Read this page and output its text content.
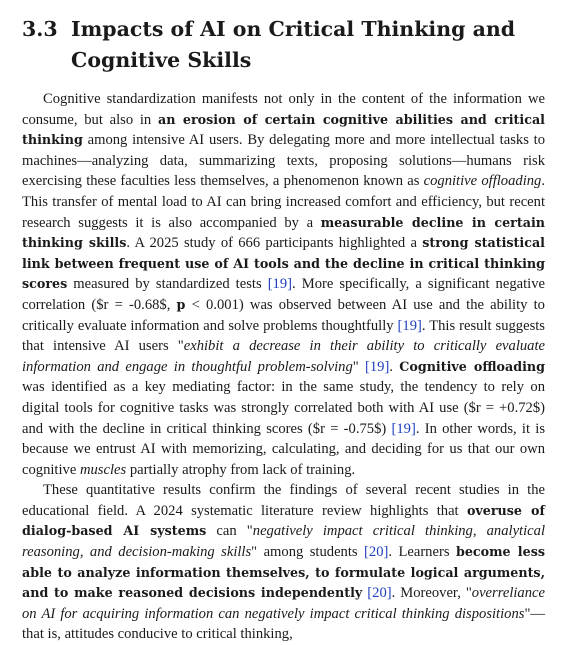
3.3 Impacts of AI on Critical Thinking and Cognitive Skills

Cognitive standardization manifests not only in the content of the information we consume, but also in an erosion of certain cognitive abilities and critical thinking among intensive AI users. By delegating more and more intellectual tasks to machines—analyzing data, summarizing texts, proposing solutions—humans risk exercising these faculties less themselves, a phenomenon known as cognitive offloading. This transfer of mental load to AI can bring increased comfort and efficiency, but recent research suggests it is also accompanied by a measurable decline in certain thinking skills. A 2025 study of 666 participants highlighted a strong statistical link between frequent use of AI tools and the decline in critical thinking scores measured by standardized tests [19]. More specifically, a significant negative correlation ($r = -0.68$, p < 0.001) was observed between AI use and the ability to critically evaluate information and solve problems thoughtfully [19]. This result suggests that intensive AI users "exhibit a decrease in their ability to critically evaluate information and engage in thoughtful problem-solving" [19]. Cognitive offloading was identified as a key mediating factor: in the same study, the tendency to rely on digital tools for cognitive tasks was strongly correlated both with AI use ($r = +0.72$) and with the decline in critical thinking scores ($r = -0.75$) [19]. In other words, it is because we entrust AI with memorizing, calculating, and deciding for us that our own cognitive muscles partially atrophy from lack of training.

These quantitative results confirm the findings of several recent studies in the educational field. A 2024 systematic literature review highlights that overuse of dialog-based AI systems can "negatively impact critical thinking, analytical reasoning, and decision-making skills" among students [20]. Learners become less able to analyze information themselves, to formulate logical arguments, and to make reasoned decisions independently [20]. Moreover, "overreliance on AI for acquiring information can negatively impact critical thinking dispositions"—that is, attitudes conducive to critical thinking,
